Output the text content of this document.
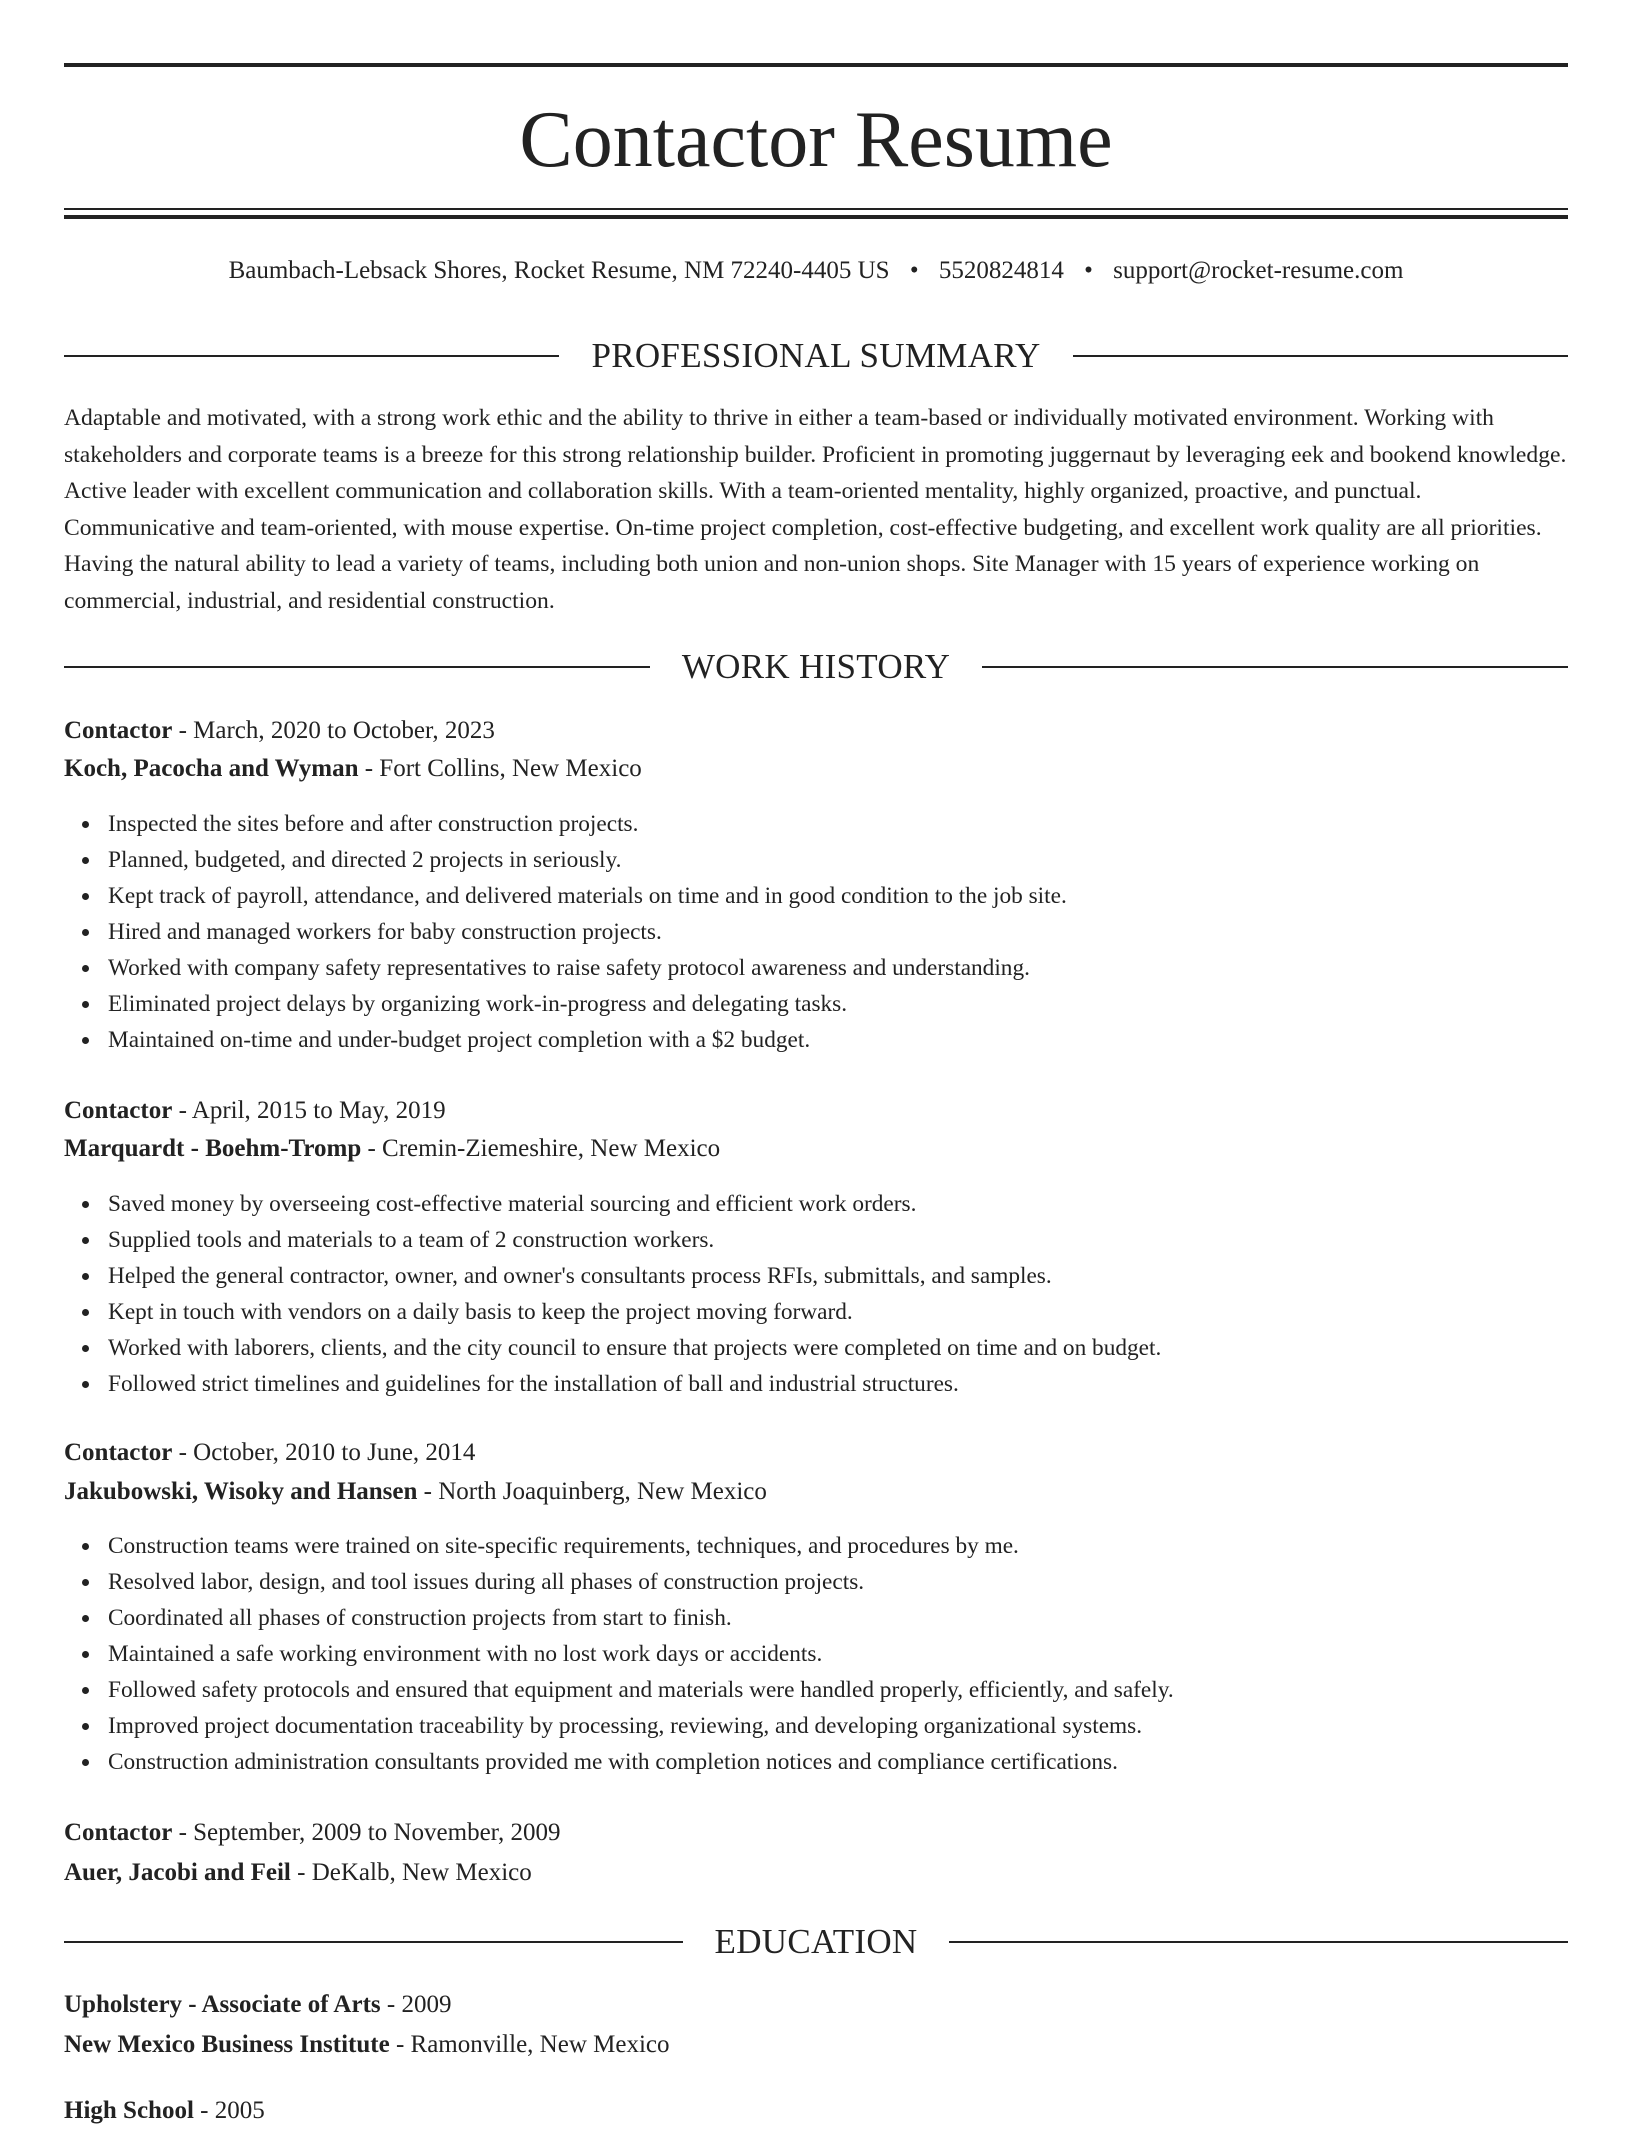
Contactor Resume
Baumbach-Lebsack Shores, Rocket Resume, NM 72240-4405 US • 5520824814 • support@rocket-resume.com
PROFESSIONAL SUMMARY

Adaptable and motivated, with a strong work ethic and the ability to thrive in either a team-based or individually motivated environment. Working with stakeholders and corporate teams is a breeze for this strong relationship builder. Proficient in promoting juggernaut by leveraging eek and bookend knowledge. Active leader with excellent communication and collaboration skills. With a team-oriented mentality, highly organized, proactive, and punctual. Communicative and team-oriented, with mouse expertise. On-time project completion, cost-effective budgeting, and excellent work quality are all priorities. Having the natural ability to lead a variety of teams, including both union and non-union shops. Site Manager with 15 years of experience working on commercial, industrial, and residential construction.

WORK HISTORY
Contactor - March, 2020 to October, 2023
Koch, Pacocha and Wyman - Fort Collins, New Mexico
Inspected the sites before and after construction projects.
Planned, budgeted, and directed 2 projects in seriously.
Kept track of payroll, attendance, and delivered materials on time and in good condition to the job site.
Hired and managed workers for baby construction projects.
Worked with company safety representatives to raise safety protocol awareness and understanding.
Eliminated project delays by organizing work-in-progress and delegating tasks.
Maintained on-time and under-budget project completion with a $2 budget.
Contactor - April, 2015 to May, 2019
Marquardt - Boehm-Tromp - Cremin-Ziemeshire, New Mexico
Saved money by overseeing cost-effective material sourcing and efficient work orders.
Supplied tools and materials to a team of 2 construction workers.
Helped the general contractor, owner, and owner's consultants process RFIs, submittals, and samples.
Kept in touch with vendors on a daily basis to keep the project moving forward.
Worked with laborers, clients, and the city council to ensure that projects were completed on time and on budget.
Followed strict timelines and guidelines for the installation of ball and industrial structures.
Contactor - October, 2010 to June, 2014
Jakubowski, Wisoky and Hansen - North Joaquinberg, New Mexico
Construction teams were trained on site-specific requirements, techniques, and procedures by me.
Resolved labor, design, and tool issues during all phases of construction projects.
Coordinated all phases of construction projects from start to finish.
Maintained a safe working environment with no lost work days or accidents.
Followed safety protocols and ensured that equipment and materials were handled properly, efficiently, and safely.
Improved project documentation traceability by processing, reviewing, and developing organizational systems.
Construction administration consultants provided me with completion notices and compliance certifications.
Contactor - September, 2009 to November, 2009
Auer, Jacobi and Feil - DeKalb, New Mexico
EDUCATION
Upholstery - Associate of Arts - 2009
New Mexico Business Institute - Ramonville, New Mexico
High School - 2005
